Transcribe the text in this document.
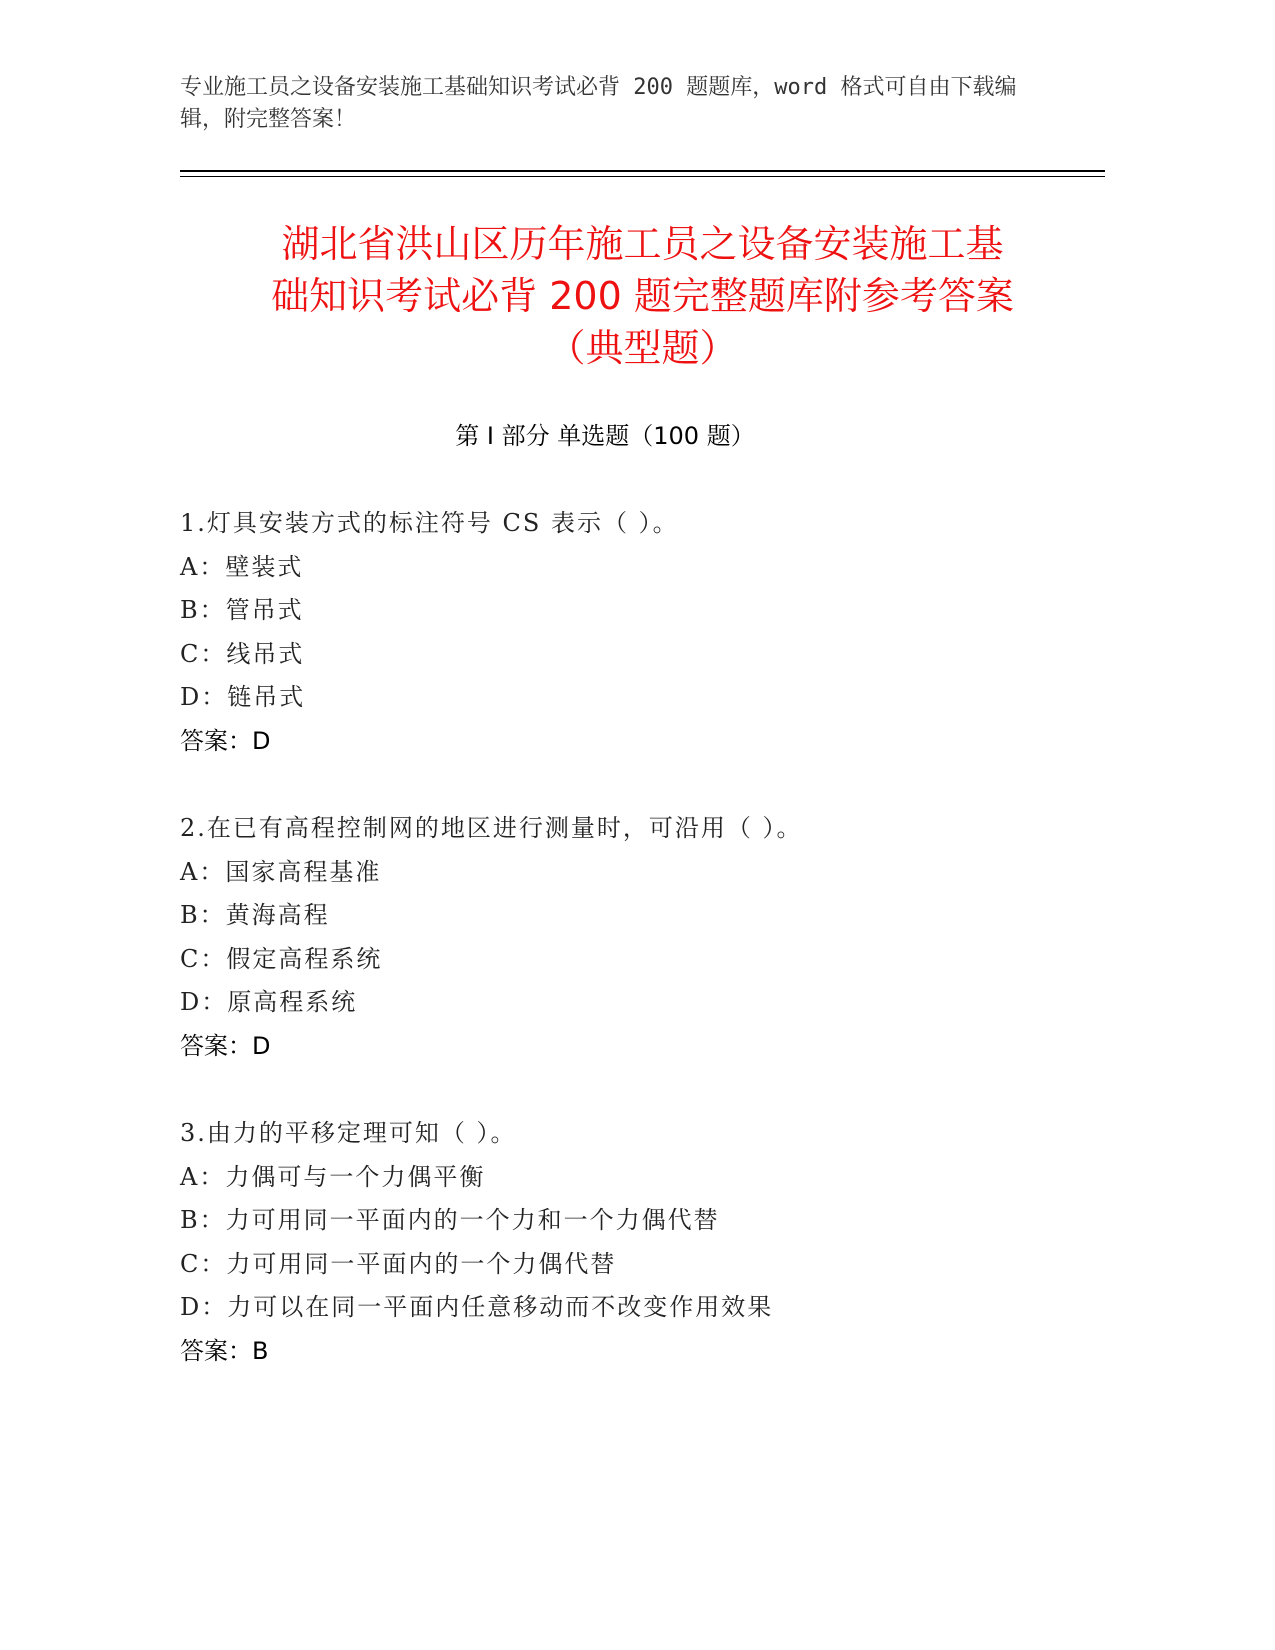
专业施工员之设备安装施工基础知识考试必背 200 题题库，word 格式可自由下载编辑，附完整答案！
湖北省洪山区历年施工员之设备安装施工基
础知识考试必背 200 题完整题库附参考答案
（典型题）
第 I 部分 单选题（100 题）
1.灯具安装方式的标注符号 CS 表示（ ）。
A：壁装式
B：管吊式
C：线吊式
D：链吊式
答案：D
2.在已有高程控制网的地区进行测量时，可沿用（ ）。
A：国家高程基准
B：黄海高程
C：假定高程系统
D：原高程系统
答案：D
3.由力的平移定理可知（ ）。
A：力偶可与一个力偶平衡
B：力可用同一平面内的一个力和一个力偶代替
C：力可用同一平面内的一个力偶代替
D：力可以在同一平面内任意移动而不改变作用效果
答案：B
